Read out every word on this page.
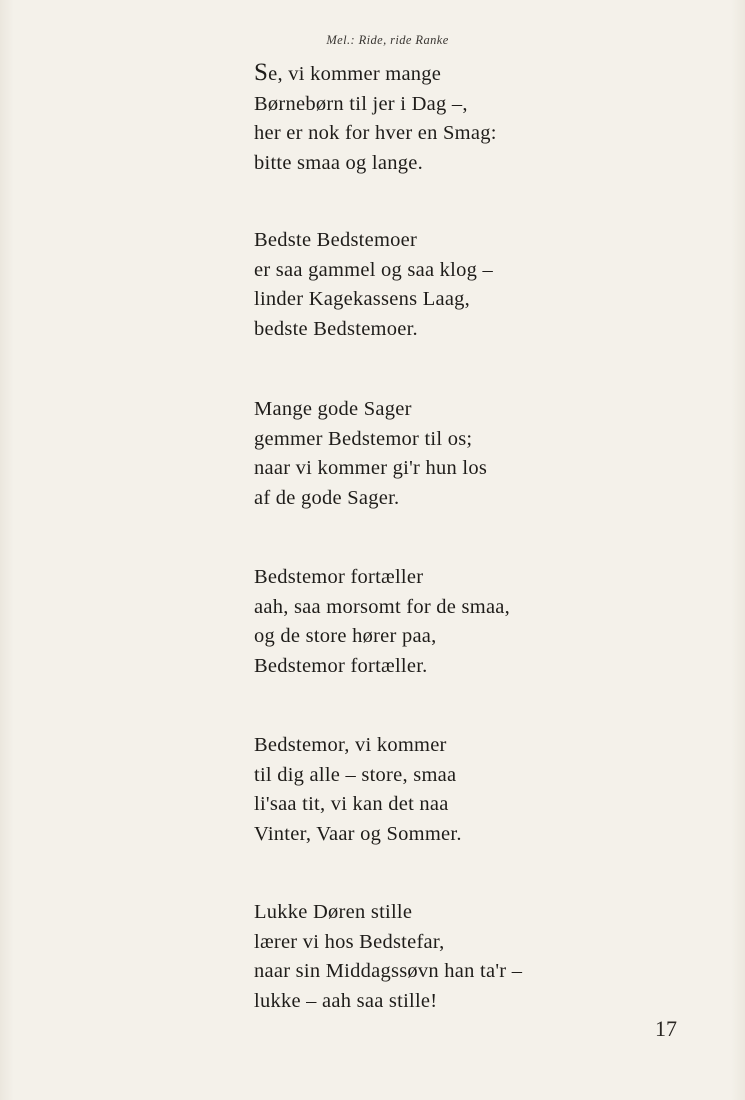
Mel.: Ride, ride Ranke
Se, vi kommer mange
Børnebørn til jer i Dag –,
her er nok for hver en Smag:
bitte smaa og lange.
Bedste Bedstemoer
er saa gammel og saa klog –
linder Kagekassens Laag,
bedste Bedstemoer.
Mange gode Sager
gemmer Bedstemor til os;
naar vi kommer gi'r hun los
af de gode Sager.
Bedstemor fortæller
aah, saa morsomt for de smaa,
og de store hører paa,
Bedstemor fortæller.
Bedstemor, vi kommer
til dig alle – store, smaa
li'saa tit, vi kan det naa
Vinter, Vaar og Sommer.
Lukke Døren stille
lærer vi hos Bedstefar,
naar sin Middagssøvn han ta'r –
lukke – aah saa stille!
17
